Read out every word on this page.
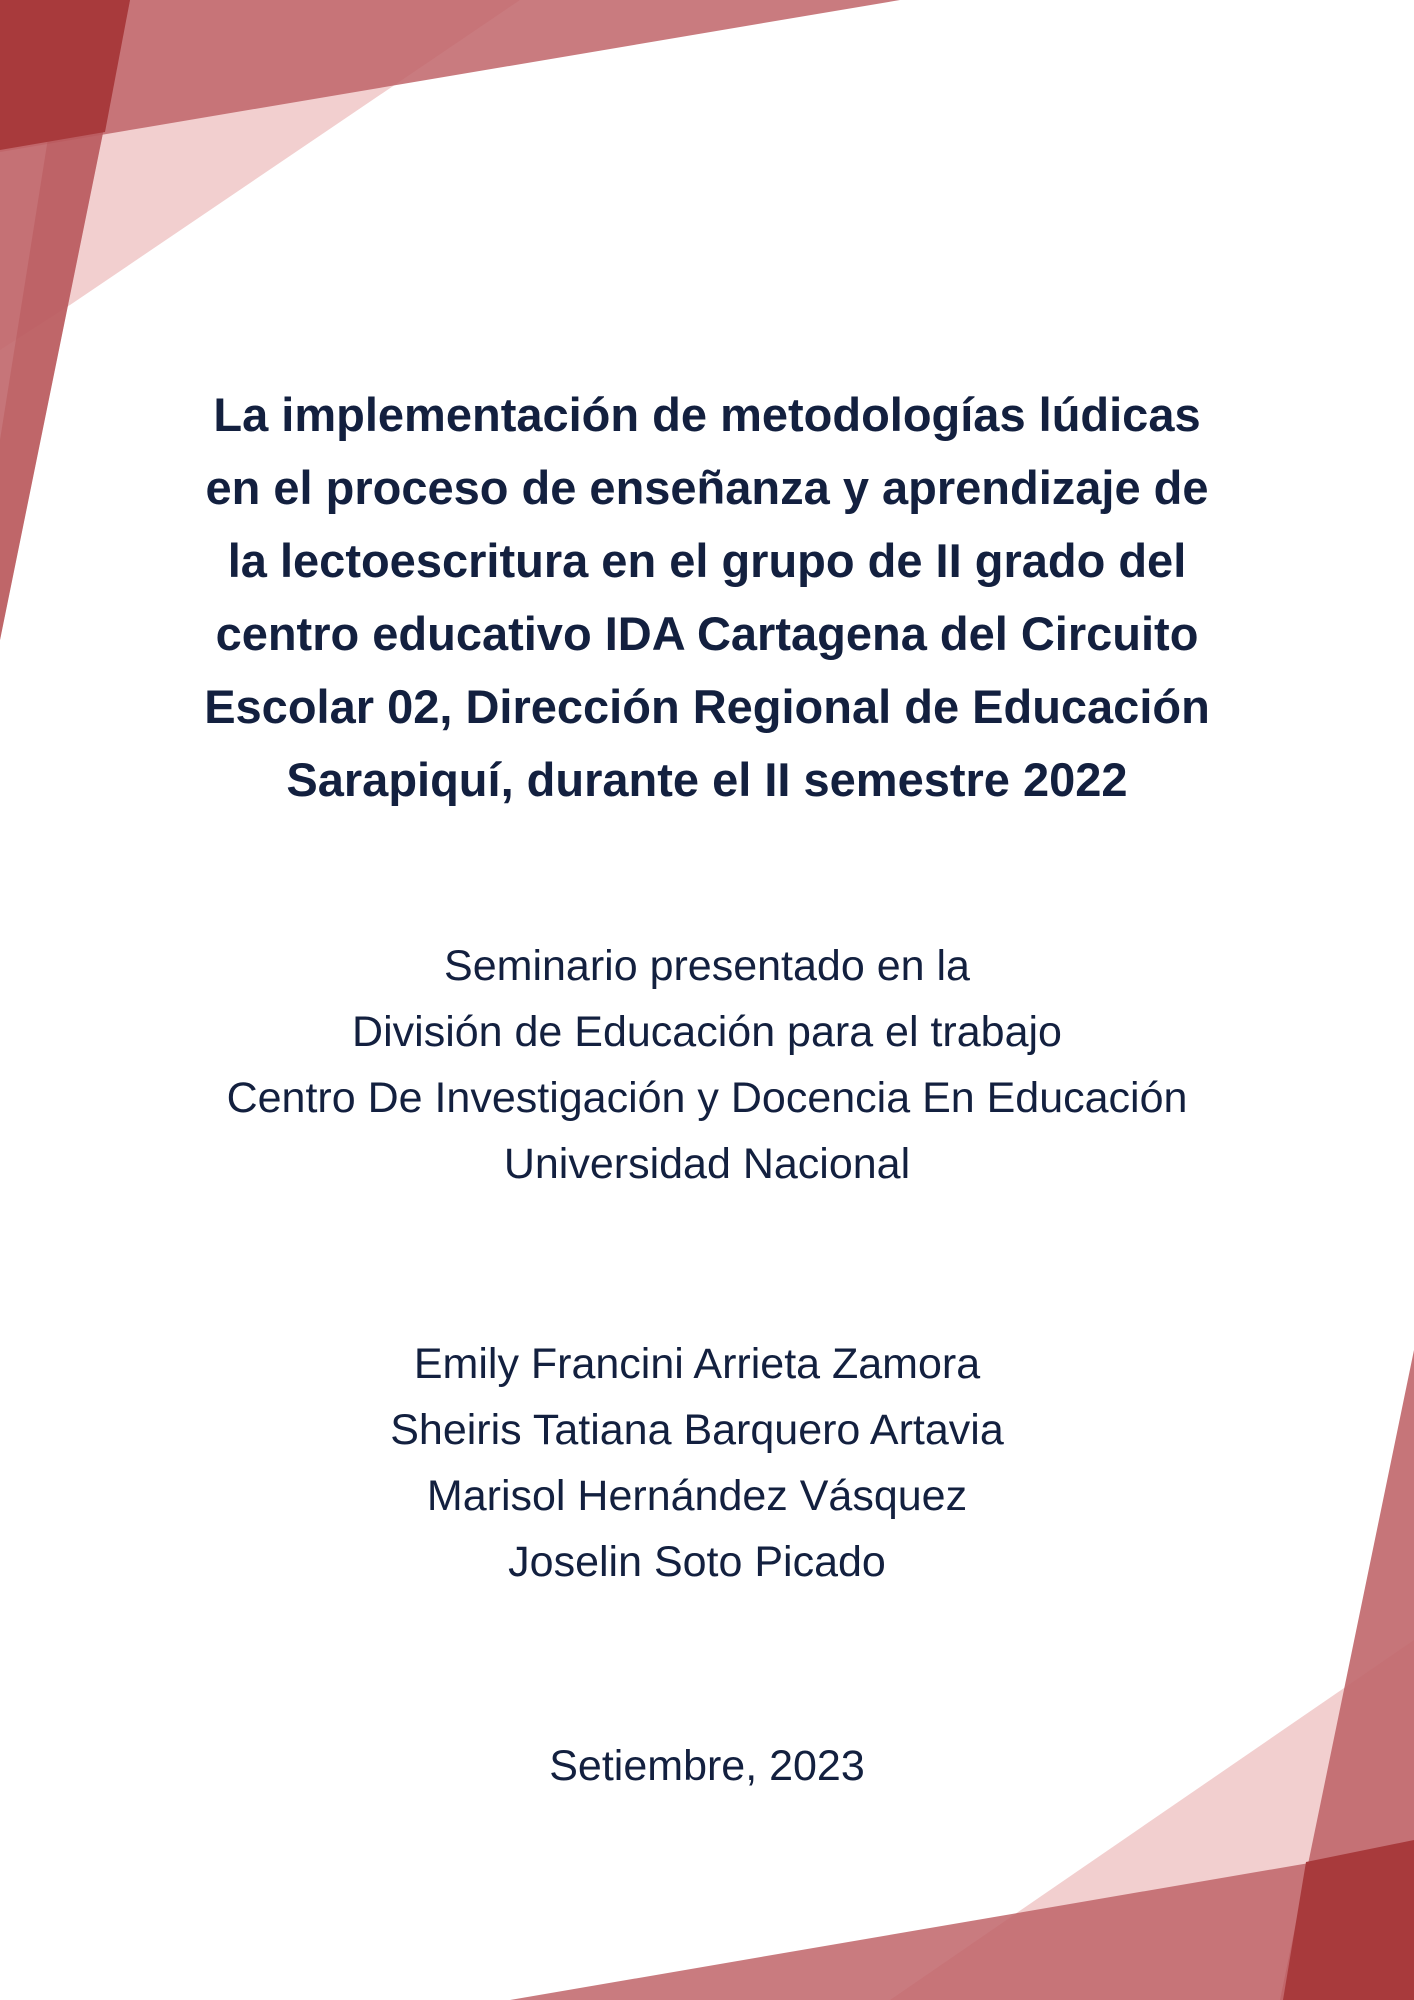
La implementación de metodologías lúdicas
en el proceso de enseñanza y aprendizaje de
la lectoescritura en el grupo de II grado del
centro educativo IDA Cartagena del Circuito
Escolar 02, Dirección Regional de Educación
Sarapiquí, durante el II semestre 2022
Seminario presentado en la
División de Educación para el trabajo
Centro De Investigación y Docencia En Educación
Universidad Nacional
Emily Francini Arrieta Zamora
Sheiris Tatiana Barquero Artavia
Marisol Hernández Vásquez
Joselin Soto Picado
Setiembre, 2023
